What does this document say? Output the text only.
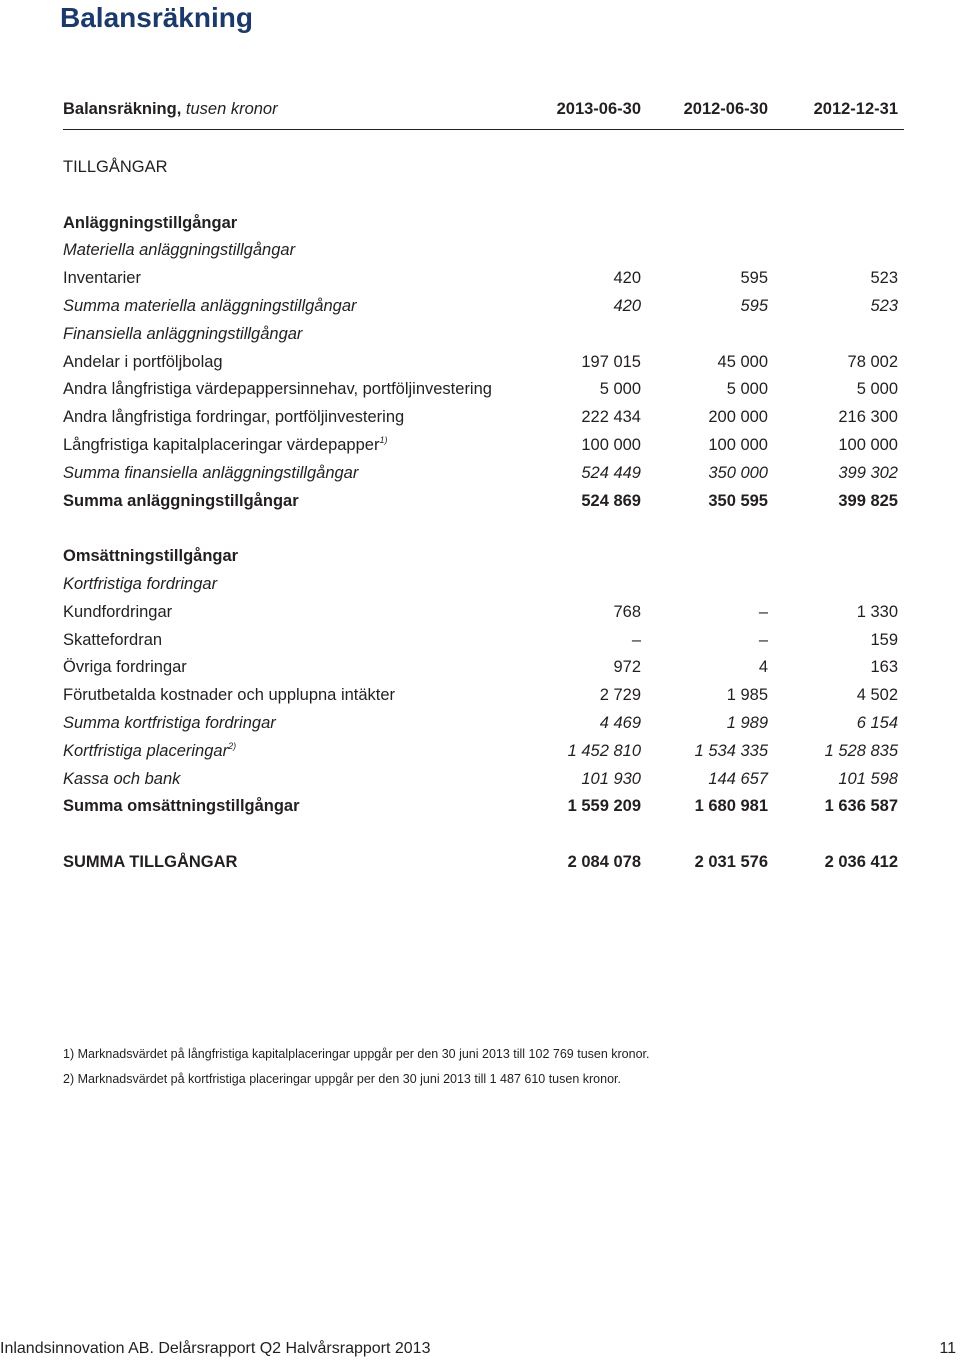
Balansräkning
Balansräkning, tusen kronor	2013-06-30	2012-06-30	2012-12-31
TILLGÅNGAR
Anläggningstillgångar
Materiella anläggningstillgångar
Inventarier	420	595	523
Summa materiella anläggningstillgångar	420	595	523
Finansiella anläggningstillgångar
Andelar i portföljbolag	197 015	45 000	78 002
Andra långfristiga värdepappersinnehav, portföljinvestering	5 000	5 000	5 000
Andra långfristiga fordringar, portföljinvestering	222 434	200 000	216 300
Långfristiga kapitalplaceringar värdepapper$^{1)}$	100 000	100 000	100 000
Summa finansiella anläggningstillgångar	524 449	350 000	399 302
Summa anläggningstillgångar	524 869	350 595	399 825
Omsättningstillgångar
Kortfristiga fordringar
Kundfordringar	768	–	1 330
Skattefordran	–	–	159
Övriga fordringar	972	4	163
Förutbetalda kostnader och upplupna intäkter	2 729	1 985	4 502
Summa kortfristiga fordringar	4 469	1 989	6 154
Kortfristiga placeringar$^{2)}$	1 452 810	1 534 335	1 528 835
Kassa och bank	101 930	144 657	101 598
Summa omsättningstillgångar	1 559 209	1 680 981	1 636 587
SUMMA TILLGÅNGAR	2 084 078	2 031 576	2 036 412
1) Marknadsvärdet på långfristiga kapitalplaceringar uppgår per den 30 juni 2013 till 102 769 tusen kronor.
2) Marknadsvärdet på kortfristiga placeringar uppgår per den 30 juni 2013 till 1 487 610 tusen kronor.
Inlandsinnovation AB. Delårsrapport Q2 Halvårsrapport 2013	11
